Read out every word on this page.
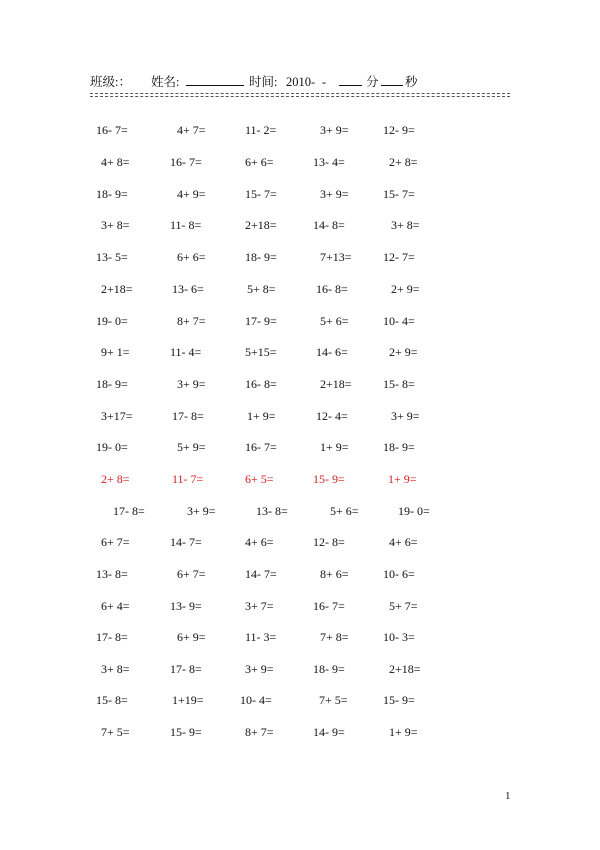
班级:： 姓名:	时间: 2010- -	分 秒
16- 7=	4+ 7=	11- 2=	3+ 9=	12- 9=
4+ 8=	16- 7=	6+ 6=	13- 4=	2+ 8=
18- 9=	4+ 9=	15- 7=	3+ 9=	15- 7=
3+ 8=	11- 8=	2+18=	14- 8=	3+ 8=
13- 5=	6+ 6=	18- 9=	7+13=	12- 7=
2+18=	13- 6=	5+ 8=	16- 8=	2+ 9=
19- 0=	8+ 7=	17- 9=	5+ 6=	10- 4=
9+ 1=	11- 4=	5+15=	14- 6=	2+ 9=
18- 9=	3+ 9=	16- 8=	2+18=	15- 8=
3+17=	17- 8=	1+ 9=	12- 4=	3+ 9=
19- 0=	5+ 9=	16- 7=	1+ 9=	18- 9=
2+ 8=	11- 7=	6+ 5=	15- 9=	1+ 9=
17- 8=	3+ 9=	13- 8=	5+ 6=	19- 0=
6+ 7=	14- 7=	4+ 6=	12- 8=	4+ 6=
13- 8=	6+ 7=	14- 7=	8+ 6=	10- 6=
6+ 4=	13- 9=	3+ 7=	16- 7=	5+ 7=
17- 8=	6+ 9=	11- 3=	7+ 8=	10- 3=
3+ 8=	17- 8=	3+ 9=	18- 9=	2+18=
15- 8=	1+19=	10- 4=	7+ 5=	15- 9=
7+ 5=	15- 9=	8+ 7=	14- 9=	1+ 9=
1
